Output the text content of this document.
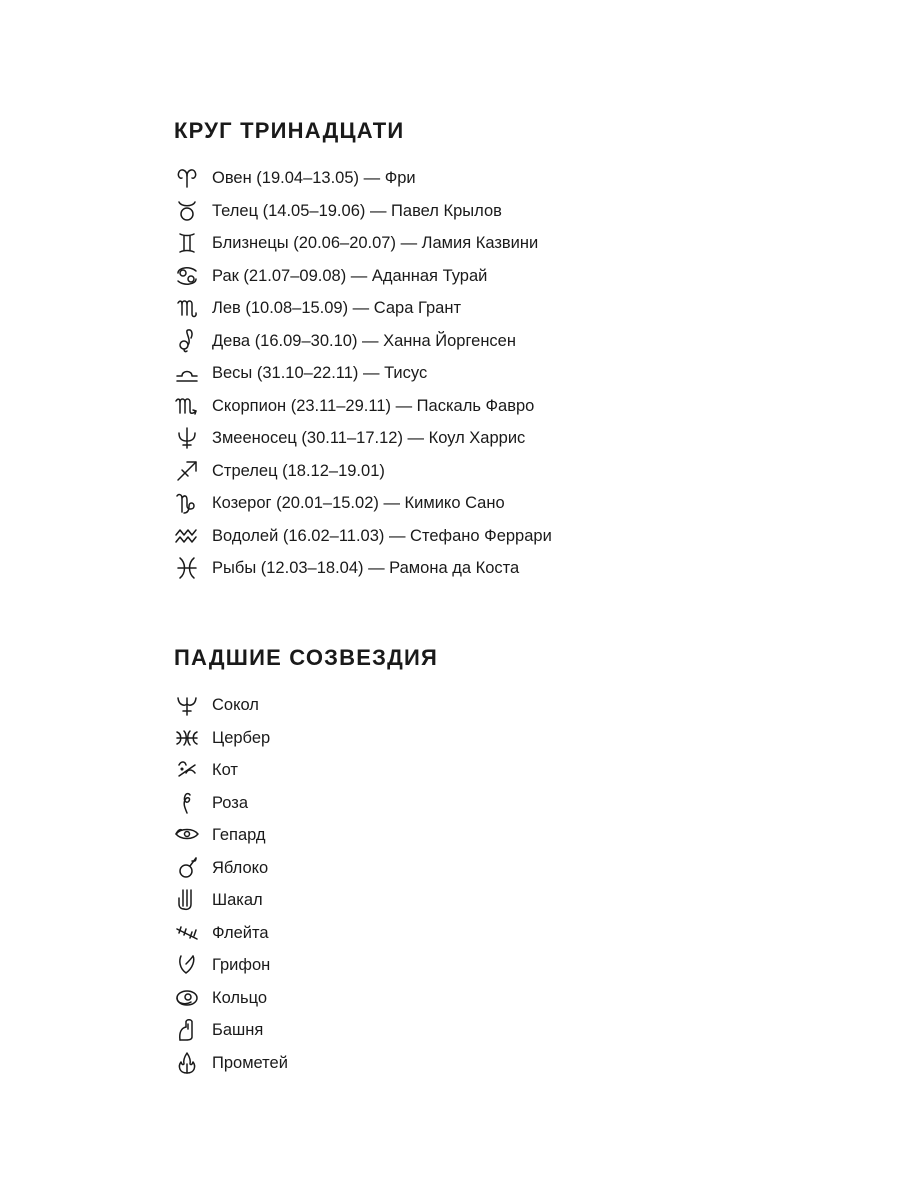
КРУГ ТРИНАДЦАТИ
Овен (19.04–13.05) — Фри
Телец (14.05–19.06) — Павел Крылов
Близнецы (20.06–20.07) — Ламия Казвини
Рак (21.07–09.08) — Аданная Турай
Лев (10.08–15.09) — Сара Грант
Дева (16.09–30.10) — Ханна Йоргенсен
Весы (31.10–22.11) — Тисус
Скорпион (23.11–29.11) — Паскаль Фавро
Змееносец (30.11–17.12) — Коул Харрис
Стрелец (18.12–19.01)
Козерог (20.01–15.02) — Кимико Сано
Водолей (16.02–11.03) — Стефано Феррари
Рыбы (12.03–18.04) — Рамона да Коста
ПАДШИЕ СОЗВЕЗДИЯ
Сокол
Цербер
Кот
Роза
Гепард
Яблоко
Шакал
Флейта
Грифон
Кольцо
Башня
Прометей
